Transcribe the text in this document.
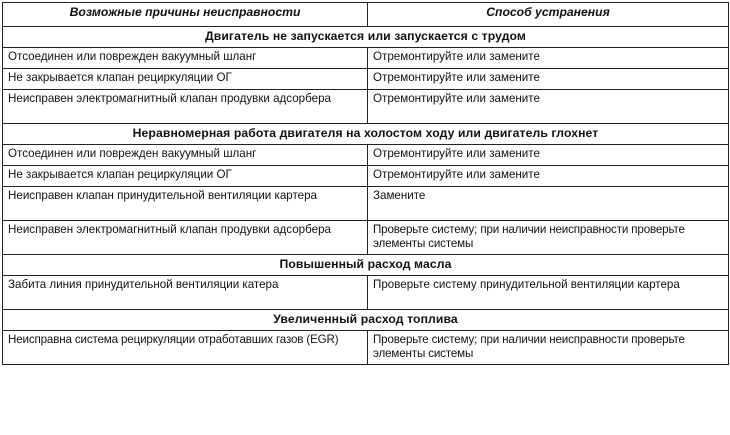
Возможные причины неисправности	Способ устранения
Двигатель не запускается или запускается с трудом	
Отсоединен или поврежден вакуумный шланг	Отремонтируйте или замените
Не закрывается клапан рециркуляции ОГ	Отремонтируйте или замените
Неисправен электромагнитный клапан продувки адсорбера	Отремонтируйте или замените
Неравномерная работа двигателя на холостом ходу или двигатель глохнет	
Отсоединен или поврежден вакуумный шланг	Отремонтируйте или замените
Не закрывается клапан рециркуляции ОГ	Отремонтируйте или замените
Неисправен клапан принудительной вентиляции картера	Замените
Неисправен электромагнитный клапан продувки адсорбера	Проверьте систему; при наличии неисправности проверьте элементы системы
Повышенный расход масла	
Забита линия принудительной вентиляции катера	Проверьте систему принудительной вентиляции картера
Увеличенный расход топлива	
Неисправна система рециркуляции отработавших газов (EGR)	Проверьте систему; при наличии неисправности проверьте элементы системы
